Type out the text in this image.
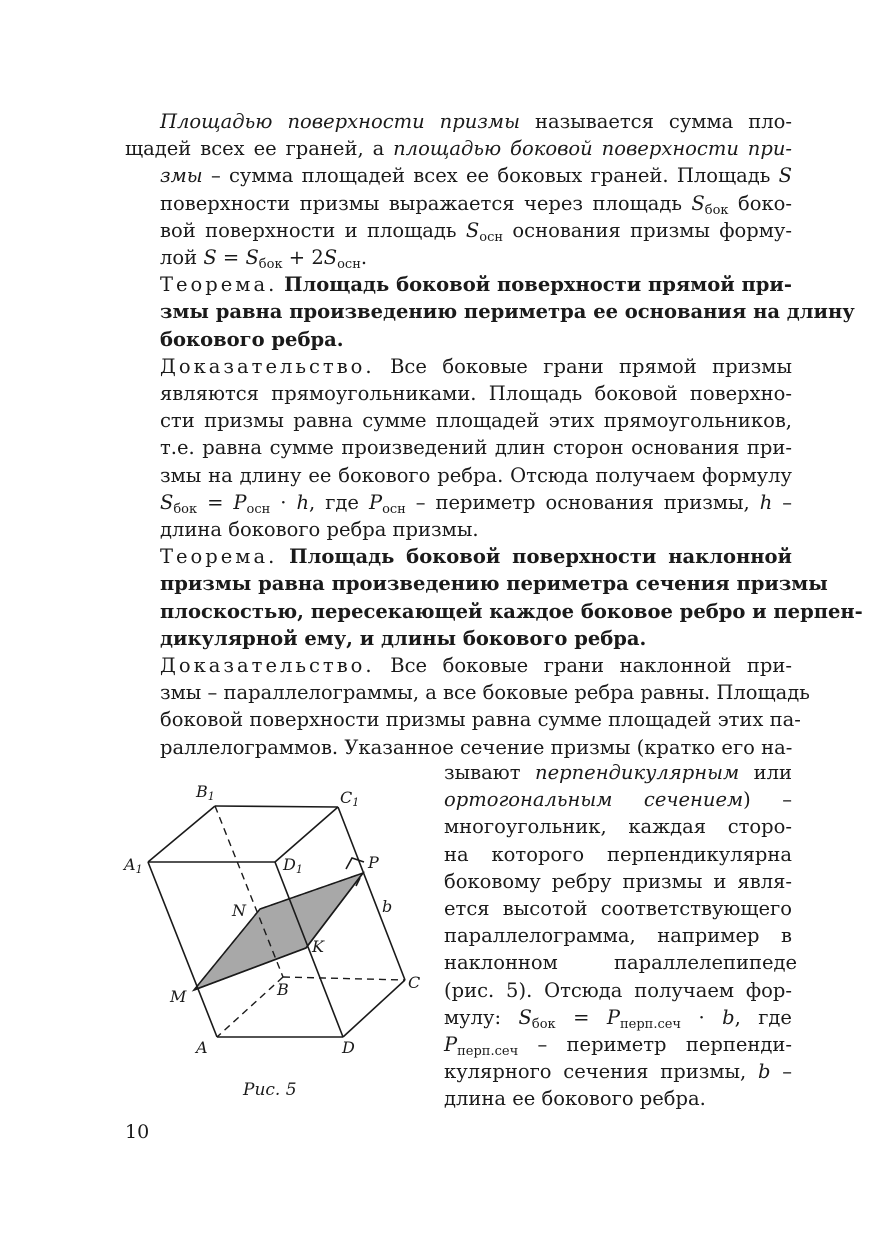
Площадью поверхности призмы называется сумма пло-
щадей всех ее граней, а площадью боковой поверхности при-
змы – сумма площадей всех ее боковых граней. Площадь S
поверхности призмы выражается через площадь $S_{бок}$ боко-
вой поверхности и площадь $S_{осн}$ основания призмы форму-
лой $S = S_{бок} + 2S_{осн}$.

Теорема. Площадь боковой поверхности прямой при-
змы равна произведению периметра ее основания на длину
бокового ребра.

Доказательство. Все боковые грани прямой призмы
являются прямоугольниками. Площадь боковой поверхно-
сти призмы равна сумме площадей этих прямоугольников,
т.е. равна сумме произведений длин сторон основания при-
змы на длину ее бокового ребра. Отсюда получаем формулу
$S_{бок} = P_{осн} \cdot h$, где $P_{осн}$ – периметр основания призмы, h –
длина бокового ребра призмы.

Теорема. Площадь боковой поверхности наклонной
призмы равна произведению периметра сечения призмы
плоскостью, пересекающей каждое боковое ребро и перпен-
дикулярной ему, и длины бокового ребра.

Доказательство. Все боковые грани наклонной при-
змы – параллелограммы, а все боковые ребра равны. Площадь
боковой поверхности призмы равна сумме площадей этих па-
раллелограммов. Указанное сечение призмы (кратко его на-

зывают перпендикулярным или
ортогональным сечением) –
многоугольник, каждая сторо-
на которого перпендикулярна
боковому ребру призмы и явля-
ется высотой соответствующего
параллелограмма, например в
наклонном параллелепипеде
(рис. 5). Отсюда получаем фор-
мулу: $S_{бок} = P_{перп.сеч} \cdot b$, где
$P_{перп.сеч}$ – периметр перпенди-
кулярного сечения призмы, b –
длина ее бокового ребра.
B1	C1
A1	D1	P
b
N
K
M	B	C
A	D
Рис. 5
10
